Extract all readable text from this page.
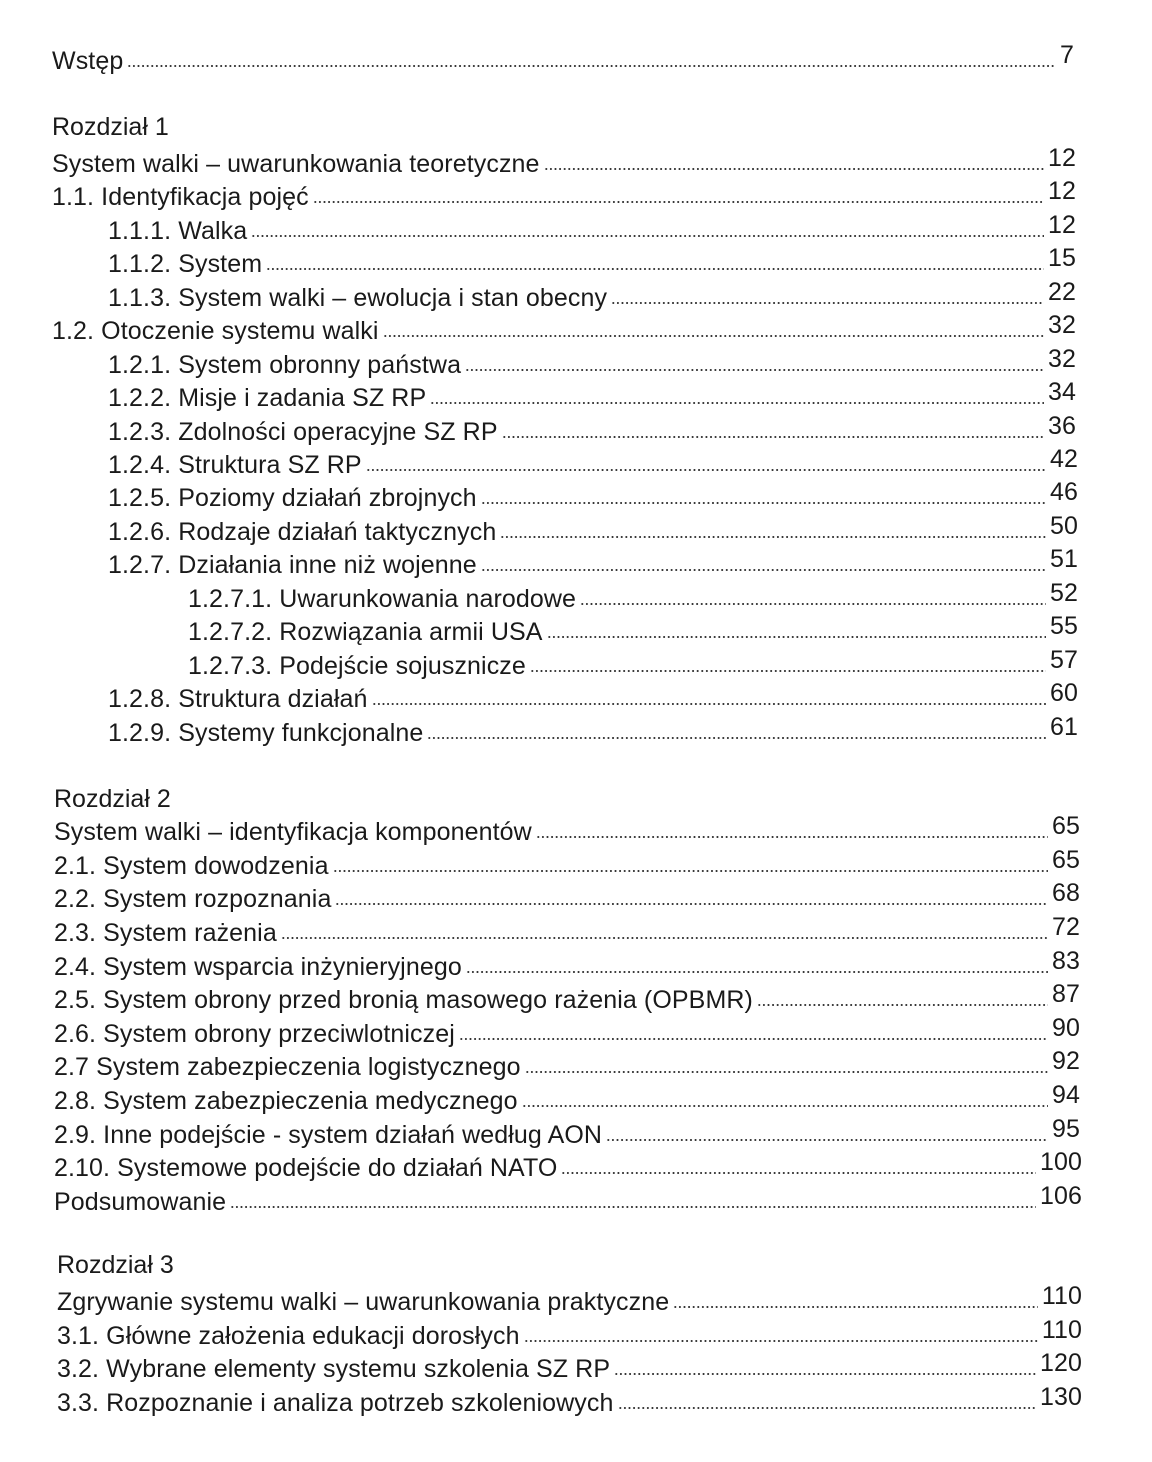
Wstęp	7
Rozdział 1
System walki – uwarunkowania teoretyczne	12
1.1. Identyfikacja pojęć	12
1.1.1. Walka	12
1.1.2. System	15
1.1.3. System walki – ewolucja i stan obecny	22
1.2. Otoczenie systemu walki	32
1.2.1. System obronny państwa	32
1.2.2. Misje i zadania SZ RP	34
1.2.3. Zdolności operacyjne SZ RP	36
1.2.4. Struktura SZ RP	42
1.2.5. Poziomy działań zbrojnych	46
1.2.6. Rodzaje działań taktycznych	50
1.2.7. Działania inne niż wojenne	51
1.2.7.1. Uwarunkowania narodowe	52
1.2.7.2. Rozwiązania armii USA	55
1.2.7.3. Podejście sojusznicze	57
1.2.8. Struktura działań	60
1.2.9. Systemy funkcjonalne	61
Rozdział 2
System walki – identyfikacja komponentów	65
2.1. System dowodzenia	65
2.2. System rozpoznania	68
2.3. System rażenia	72
2.4. System wsparcia inżynieryjnego	83
2.5. System obrony przed bronią masowego rażenia (OPBMR)	87
2.6. System obrony przeciwlotniczej	90
2.7 System zabezpieczenia logistycznego	92
2.8. System zabezpieczenia medycznego	94
2.9. Inne podejście - system działań według AON	95
2.10. Systemowe podejście do działań NATO	100
Podsumowanie	106
Rozdział 3
Zgrywanie systemu walki – uwarunkowania praktyczne	110
3.1. Główne założenia edukacji dorosłych	110
3.2. Wybrane elementy systemu szkolenia SZ RP	120
3.3. Rozpoznanie i analiza potrzeb szkoleniowych	130
